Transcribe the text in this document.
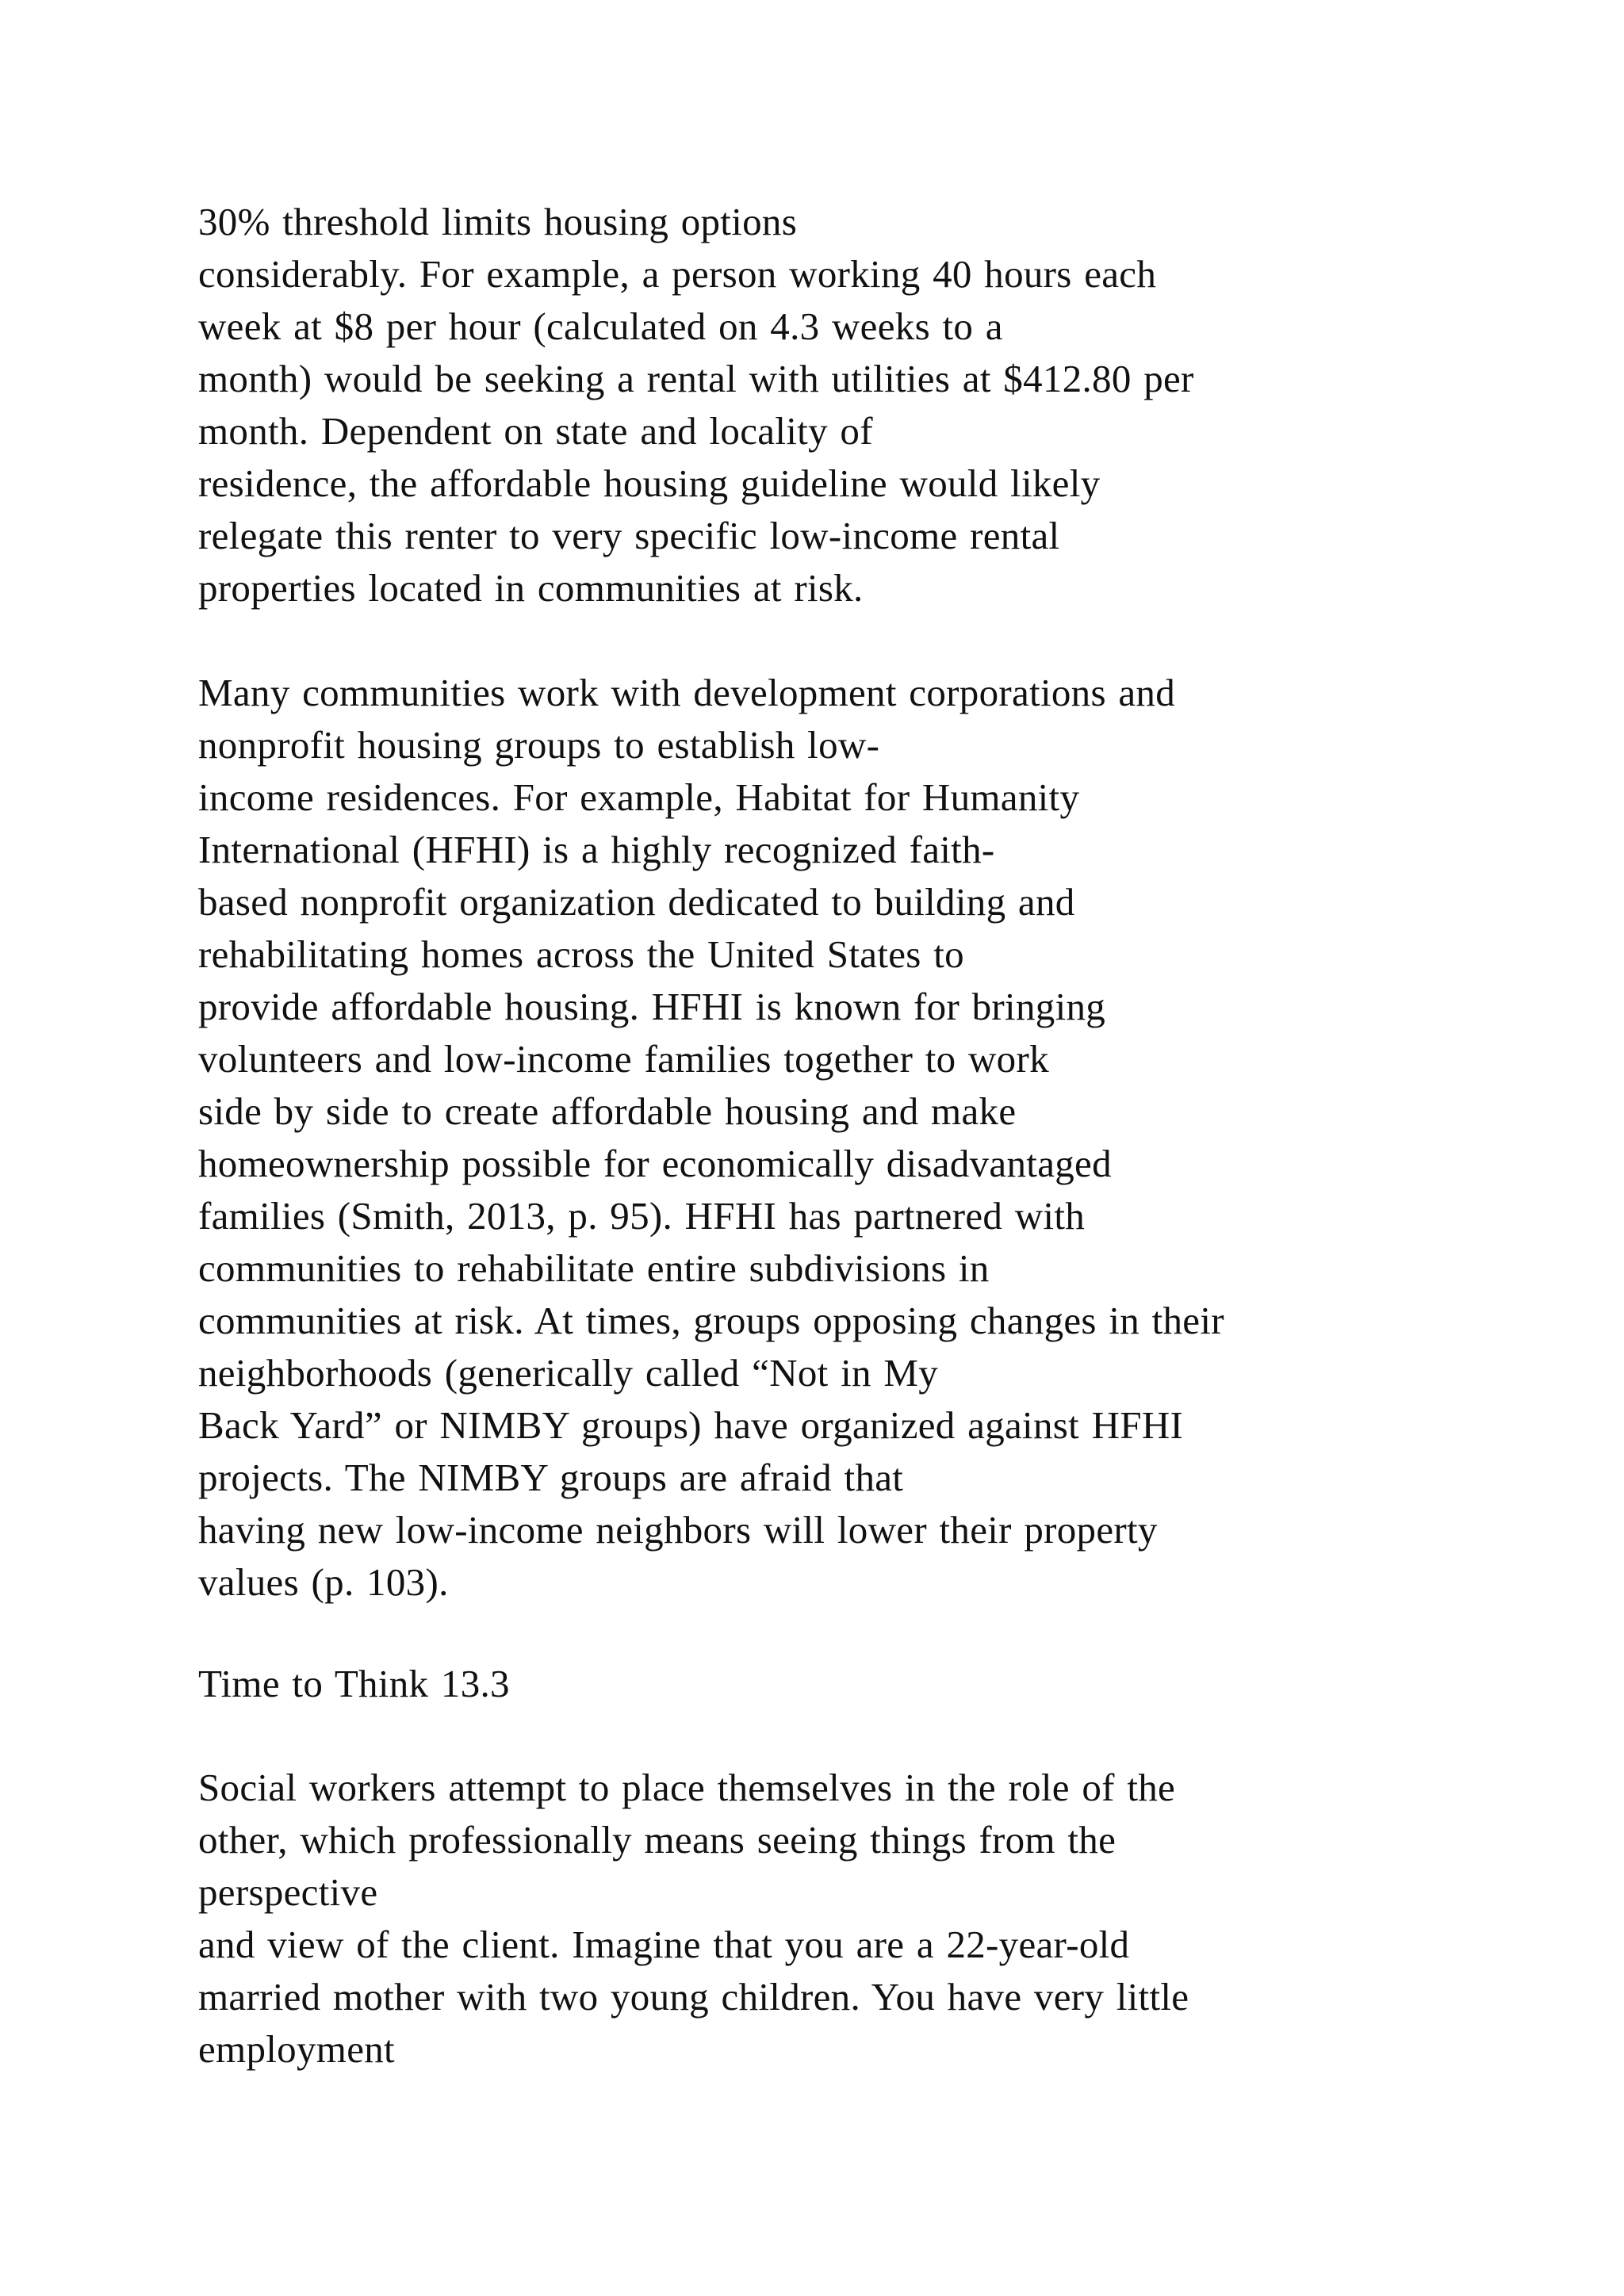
30% threshold limits housing options
considerably. For example, a person working 40 hours each
week at $8 per hour (calculated on 4.3 weeks to a
month) would be seeking a rental with utilities at $412.80 per
month. Dependent on state and locality of
residence, the affordable housing guideline would likely
relegate this renter to very specific low-income rental
properties located in communities at risk.
Many communities work with development corporations and
nonprofit housing groups to establish low-
income residences. For example, Habitat for Humanity
International (HFHI) is a highly recognized faith-
based nonprofit organization dedicated to building and
rehabilitating homes across the United States to
provide affordable housing. HFHI is known for bringing
volunteers and low-income families together to work
side by side to create affordable housing and make
homeownership possible for economically disadvantaged
families (Smith, 2013, p. 95). HFHI has partnered with
communities to rehabilitate entire subdivisions in
communities at risk. At times, groups opposing changes in their
neighborhoods (generically called “Not in My
Back Yard” or NIMBY groups) have organized against HFHI
projects. The NIMBY groups are afraid that
having new low-income neighbors will lower their property
values (p. 103).
Time to Think 13.3
Social workers attempt to place themselves in the role of the
other, which professionally means seeing things from the
perspective
and view of the client. Imagine that you are a 22-year-old
married mother with two young children. You have very little
employment
